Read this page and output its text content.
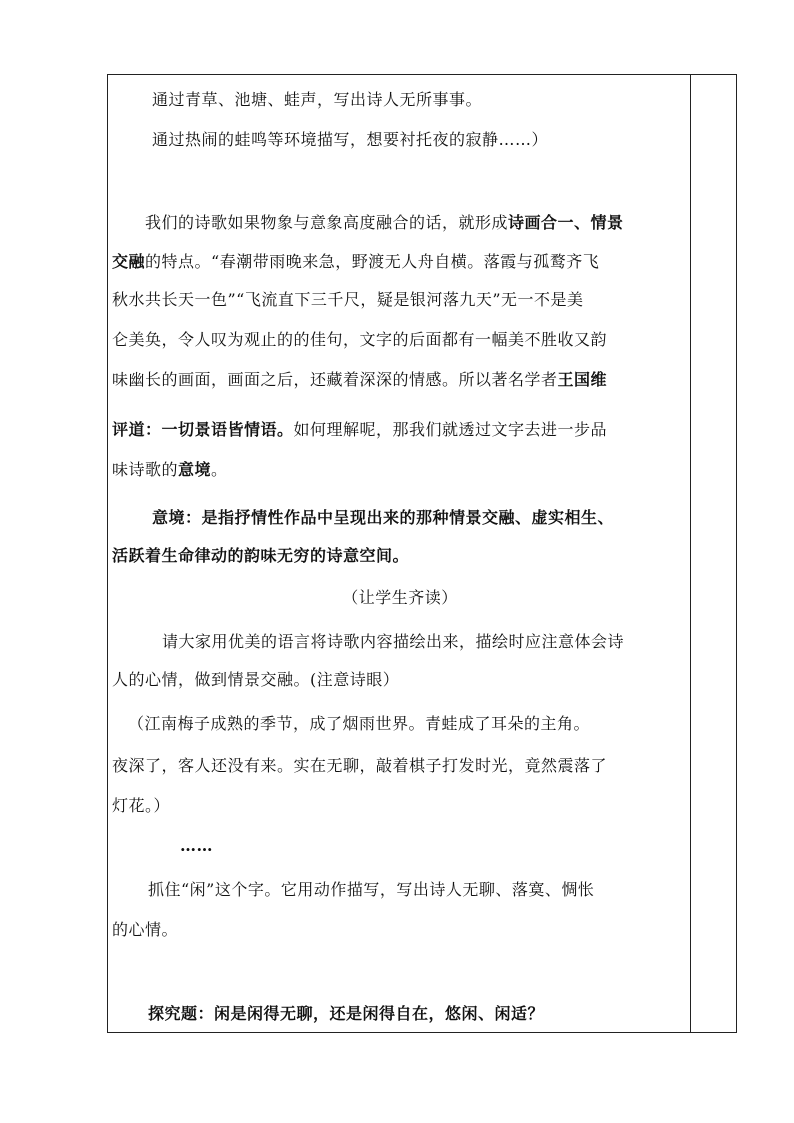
通过青草、池塘、蛙声，写出诗人无所事事。
通过热闹的蛙鸣等环境描写，想要衬托夜的寂静……）
我们的诗歌如果物象与意象高度融合的话，就形成诗画合一、情景
交融的特点。“春潮带雨晚来急，野渡无人舟自横。落霞与孤鹜齐飞
秋水共长天一色”“飞流直下三千尺，疑是银河落九天”无一不是美
仑美奂，令人叹为观止的的佳句，文字的后面都有一幅美不胜收又韵
味幽长的画面，画面之后，还藏着深深的情感。所以著名学者王国维
评道：一切景语皆情语。如何理解呢，那我们就透过文字去进一步品
味诗歌的意境。
意境：是指抒情性作品中呈现出来的那种情景交融、虚实相生、
活跃着生命律动的韵味无穷的诗意空间。
（让学生齐读）
请大家用优美的语言将诗歌内容描绘出来，描绘时应注意体会诗
人的心情，做到情景交融。(注意诗眼）
（江南梅子成熟的季节，成了烟雨世界。青蛙成了耳朵的主角。
夜深了，客人还没有来。实在无聊，敲着棋子打发时光，竟然震落了
灯花。）
……
抓住“闲”这个字。它用动作描写，写出诗人无聊、落寞、惆怅
的心情。
探究题：闲是闲得无聊，还是闲得自在，悠闲、闲适？
